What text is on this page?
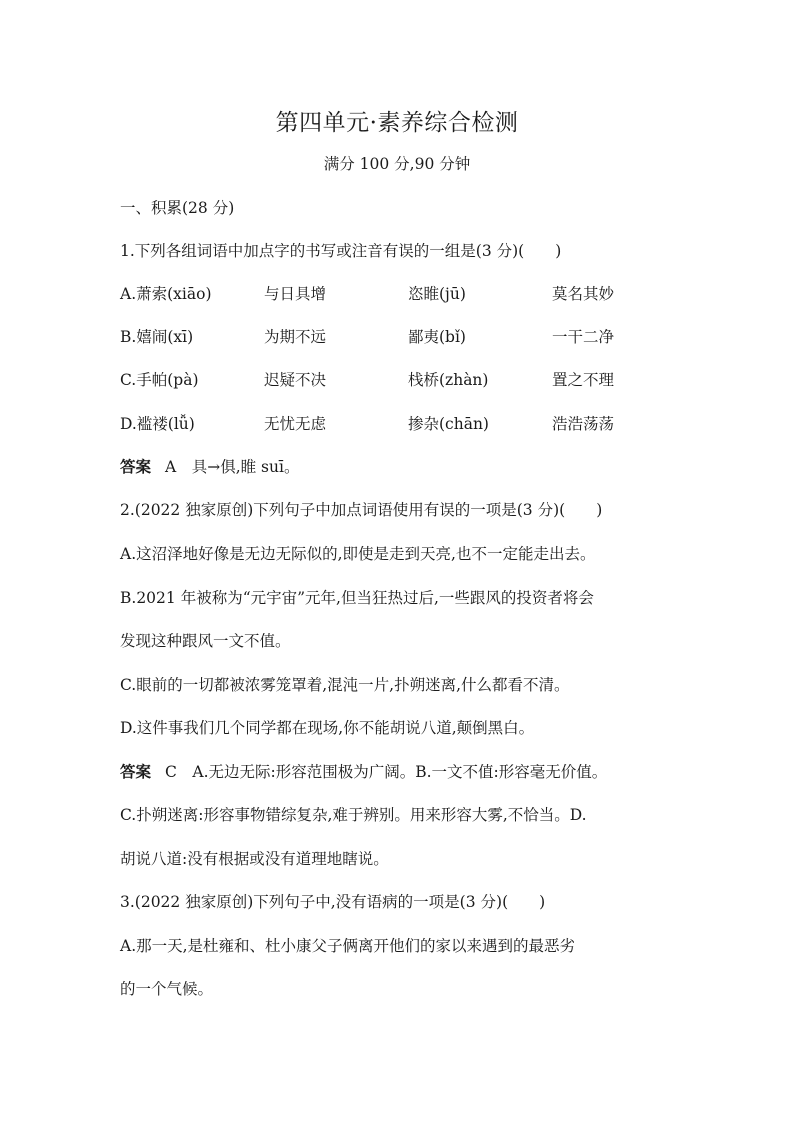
第四单元·素养综合检测
满分 100 分,90 分钟
一、积累(28 分)
1.下列各组词语中加点字的书写或注音有误的一组是(3 分)(　　)
A.萧索(xiāo)	与日具增	恣睢(jū)	莫名其妙
B.嬉闹(xī)	为期不远	鄙夷(bǐ)	一干二净
C.手帕(pà)	迟疑不决	栈桥(zhàn)	置之不理
D.褴褛(lǚ)	无忧无虑	掺杂(chān)	浩浩荡荡
答案 A　具→俱,睢 suī。
2.(2022 独家原创)下列句子中加点词语使用有误的一项是(3 分)(　　)
A.这沼泽地好像是无边无际似的,即使是走到天亮,也不一定能走出去。
B.2021 年被称为“元宇宙”元年,但当狂热过后,一些跟风的投资者将会
发现这种跟风一文不值。
C.眼前的一切都被浓雾笼罩着,混沌一片,扑朔迷离,什么都看不清。
D.这件事我们几个同学都在现场,你不能胡说八道,颠倒黑白。
答案 C　A.无边无际:形容范围极为广阔。B.一文不值:形容毫无价值。
C.扑朔迷离:形容事物错综复杂,难于辨别。用来形容大雾,不恰当。D.
胡说八道:没有根据或没有道理地瞎说。
3.(2022 独家原创)下列句子中,没有语病的一项是(3 分)(　　)
A.那一天,是杜雍和、杜小康父子俩离开他们的家以来遇到的最恶劣
的一个气候。
